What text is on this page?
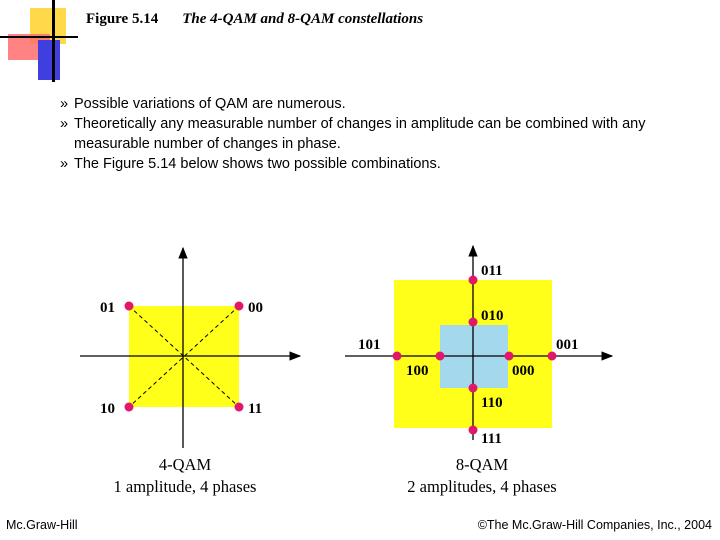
Figure 5.14 The 4-QAM and 8-QAM constellations
» Possible variations of QAM are numerous.
» Theoretically any measurable number of changes in amplitude can be combined with any measurable number of changes in phase.
» The Figure 5.14 below shows two possible combinations.
01	00
10	11
4-QAM
1 amplitude, 4 phases
011
010
101
100	000
001
110
111
8-QAM
2 amplitudes, 4 phases
Mc.Graw-Hill	©The Mc.Graw-Hill Companies, Inc., 2004
